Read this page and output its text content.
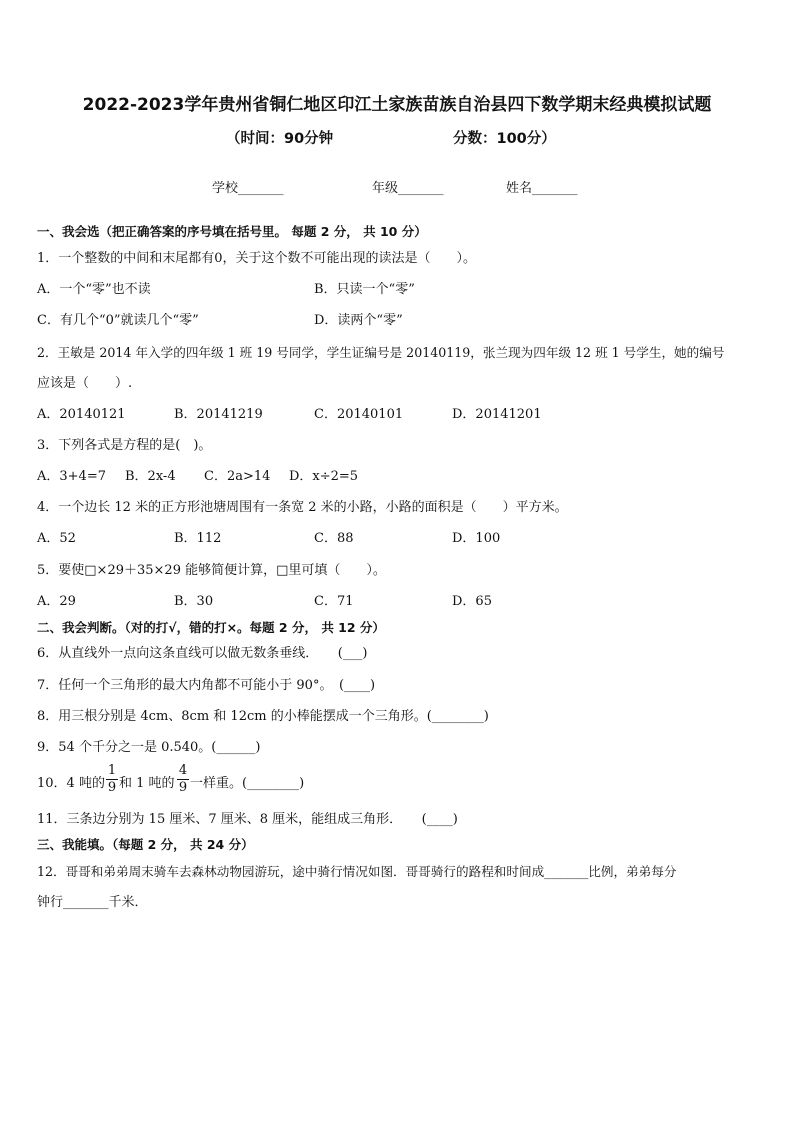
2022-2023学年贵州省铜仁地区印江土家族苗族自治县四下数学期末经典模拟试题
（时间：90分钟	分数：100分）
学校_______	年级_______	姓名_______
一、我会选（把正确答案的序号填在括号里。 每题 2 分， 共 10 分）
1．一个整数的中间和末尾都有0，关于这个数不可能出现的读法是（　　）。
A．一个“零”也不读	B．只读一个“零”
C．有几个“0”就读几个“零”	D．读两个“零”
2．王敏是 2014 年入学的四年级 1 班 19 号同学，学生证编号是 20140119，张兰现为四年级 12 班 1 号学生，她的编号
应该是（　　）.
A．20140121	B．20141219	C．20140101	D．20141201
3．下列各式是方程的是(　)。
A．3+4=7 B．2x-4 C．2a>14 D．x÷2=5
4．一个边长 12 米的正方形池塘周围有一条宽 2 米的小路，小路的面积是（　　）平方米。
A．52	B．112	C．88	D．100
5．要使□×29＋35×29 能够简便计算，□里可填（　　）。
A．29	B．30	C．71	D．65
二、我会判断。（对的打√，错的打×。每题 2 分， 共 12 分）
6．从直线外一点向这条直线可以做无数条垂线．　　(___)
7．任何一个三角形的最大内角都不可能小于 90°。　(____)
8．用三根分别是 4cm、8cm 和 12cm 的小棒能摆成一个三角形。(________)
9．54 个千分之一是 0.540。(______)
10．4 吨的
1
9 和 1 吨的
4
9 一样重。(________)
11．三条边分别为 15 厘米、7 厘米、8 厘米，能组成三角形．　　(____)
三、我能填。（每题 2 分， 共 24 分）
12．哥哥和弟弟周末骑车去森林动物园游玩，途中骑行情况如图．哥哥骑行的路程和时间成_______比例，弟弟每分
钟行_______千米．
